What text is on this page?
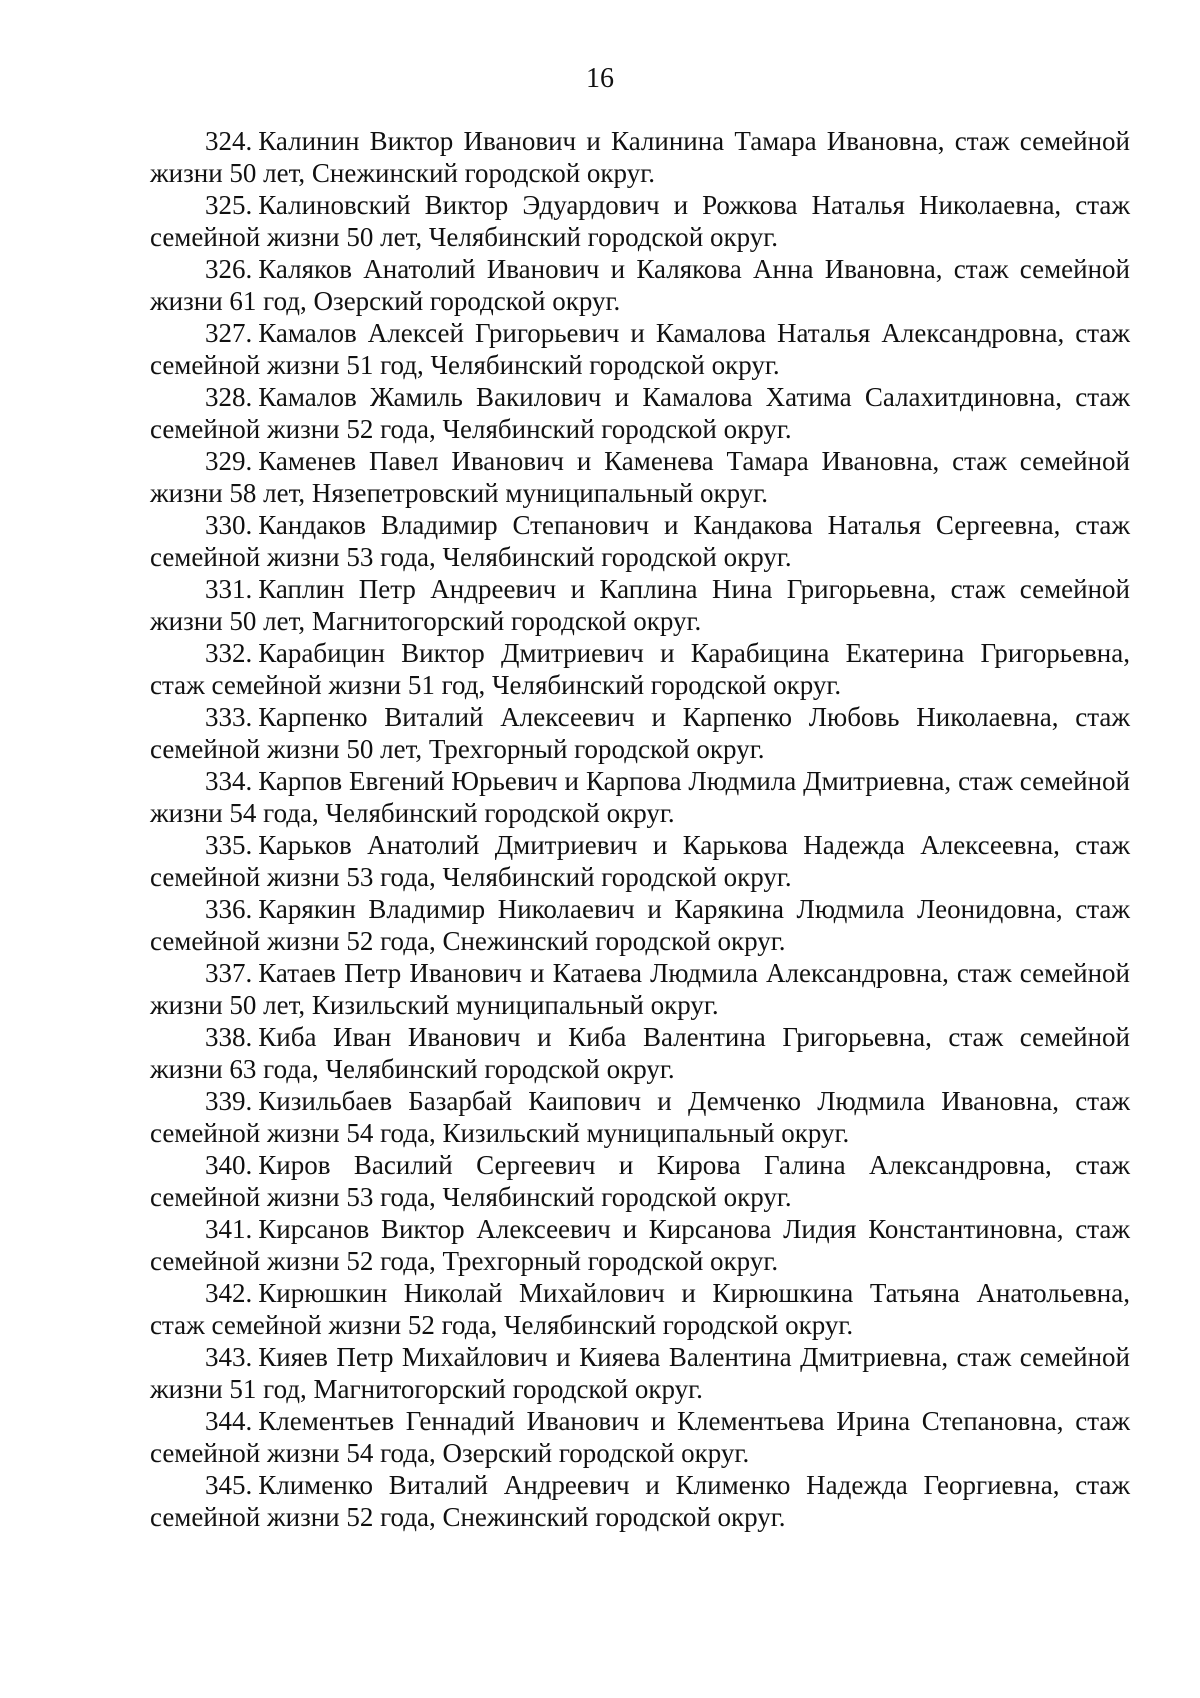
16

324. Калинин Виктор Иванович и Калинина Тамара Ивановна, стаж семейной жизни 50 лет, Снежинский городской округ.

325. Калиновский Виктор Эдуардович и Рожкова Наталья Николаевна, стаж семейной жизни 50 лет, Челябинский городской округ.

326. Каляков Анатолий Иванович и Калякова Анна Ивановна, стаж семейной жизни 61 год, Озерский городской округ.

327. Камалов Алексей Григорьевич и Камалова Наталья Александровна, стаж семейной жизни 51 год, Челябинский городской округ.

328. Камалов Жамиль Вакилович и Камалова Хатима Салахитдиновна, стаж семейной жизни 52 года, Челябинский городской округ.

329. Каменев Павел Иванович и Каменева Тамара Ивановна, стаж семейной жизни 58 лет, Нязепетровский муниципальный округ.

330. Кандаков Владимир Степанович и Кандакова Наталья Сергеевна, стаж семейной жизни 53 года, Челябинский городской округ.

331. Каплин Петр Андреевич и Каплина Нина Григорьевна, стаж семейной жизни 50 лет, Магнитогорский городской округ.

332. Карабицин Виктор Дмитриевич и Карабицина Екатерина Григорьевна, стаж семейной жизни 51 год, Челябинский городской округ.

333. Карпенко Виталий Алексеевич и Карпенко Любовь Николаевна, стаж семейной жизни 50 лет, Трехгорный городской округ.

334. Карпов Евгений Юрьевич и Карпова Людмила Дмитриевна, стаж семейной жизни 54 года, Челябинский городской округ.

335. Карьков Анатолий Дмитриевич и Карькова Надежда Алексеевна, стаж семейной жизни 53 года, Челябинский городской округ.

336. Карякин Владимир Николаевич и Карякина Людмила Леонидовна, стаж семейной жизни 52 года, Снежинский городской округ.

337. Катаев Петр Иванович и Катаева Людмила Александровна, стаж семейной жизни 50 лет, Кизильский муниципальный округ.

338. Киба Иван Иванович и Киба Валентина Григорьевна, стаж семейной жизни 63 года, Челябинский городской округ.

339. Кизильбаев Базарбай Каипович и Демченко Людмила Ивановна, стаж семейной жизни 54 года, Кизильский муниципальный округ.

340. Киров Василий Сергеевич и Кирова Галина Александровна, стаж семейной жизни 53 года, Челябинский городской округ.

341. Кирсанов Виктор Алексеевич и Кирсанова Лидия Константиновна, стаж семейной жизни 52 года, Трехгорный городской округ.

342. Кирюшкин Николай Михайлович и Кирюшкина Татьяна Анатольевна, стаж семейной жизни 52 года, Челябинский городской округ.

343. Кияев Петр Михайлович и Кияева Валентина Дмитриевна, стаж семейной жизни 51 год, Магнитогорский городской округ.

344. Клементьев Геннадий Иванович и Клементьева Ирина Степановна, стаж семейной жизни 54 года, Озерский городской округ.

345. Клименко Виталий Андреевич и Клименко Надежда Георгиевна, стаж семейной жизни 52 года, Снежинский городской округ.
